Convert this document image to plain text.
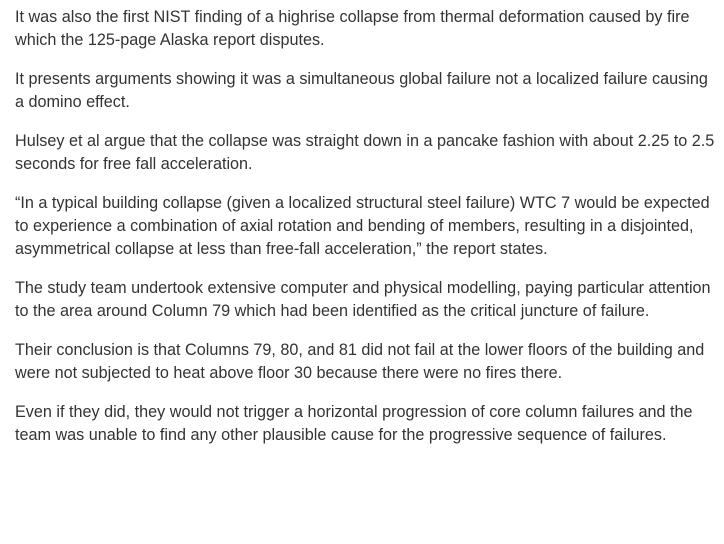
It was also the first NIST finding of a highrise collapse from thermal deformation caused by fire which the 125-page Alaska report disputes.

It presents arguments showing it was a simultaneous global failure not a localized failure causing a domino effect.

Hulsey et al argue that the collapse was straight down in a pancake fashion with about 2.25 to 2.5 seconds for free fall acceleration.

“In a typical building collapse (given a localized structural steel failure) WTC 7 would be expected to experience a combination of axial rotation and bending of members, resulting in a disjointed, asymmetrical collapse at less than free-fall acceleration,” the report states.

The study team undertook extensive computer and physical modelling, paying particular attention to the area around Column 79 which had been identified as the critical juncture of failure.

Their conclusion is that Columns 79, 80, and 81 did not fail at the lower floors of the building and were not subjected to heat above floor 30 because there were no fires there.

Even if they did, they would not trigger a horizontal progression of core column failures and the team was unable to find any other plausible cause for the progressive sequence of failures.
